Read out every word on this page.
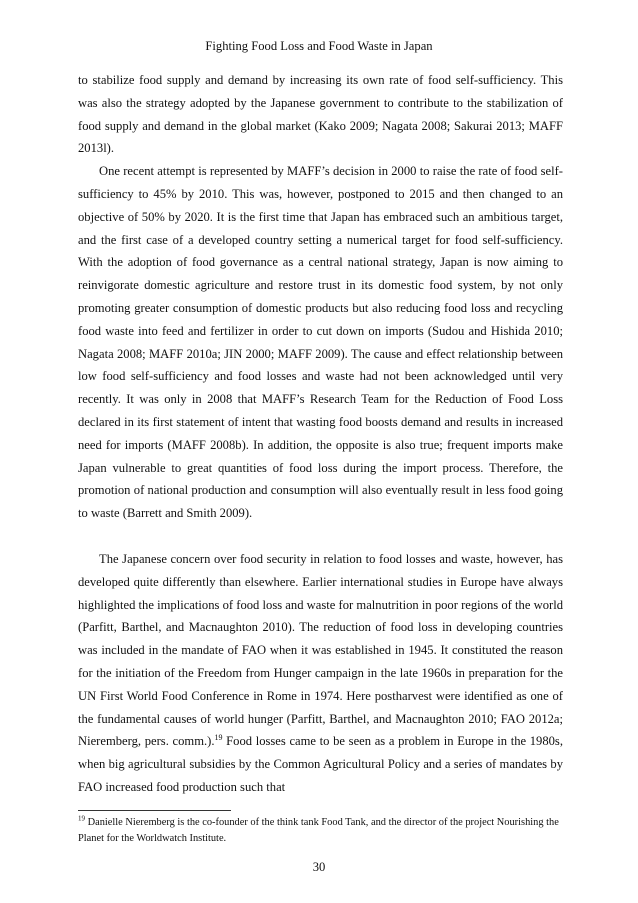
Fighting Food Loss and Food Waste in Japan

to stabilize food supply and demand by increasing its own rate of food self-sufficiency. This was also the strategy adopted by the Japanese government to contribute to the stabilization of food supply and demand in the global market (Kako 2009; Nagata 2008; Sakurai 2013; MAFF 2013l).

One recent attempt is represented by MAFF’s decision in 2000 to raise the rate of food self-sufficiency to 45% by 2010. This was, however, postponed to 2015 and then changed to an objective of 50% by 2020. It is the first time that Japan has embraced such an ambitious target, and the first case of a developed country setting a numerical target for food self-sufficiency. With the adoption of food governance as a central national strategy, Japan is now aiming to reinvigorate domestic agriculture and restore trust in its domestic food system, by not only promoting greater consumption of domestic products but also reducing food loss and recycling food waste into feed and fertilizer in order to cut down on imports (Sudou and Hishida 2010; Nagata 2008; MAFF 2010a; JIN 2000; MAFF 2009). The cause and effect relationship between low food self-sufficiency and food losses and waste had not been acknowledged until very recently. It was only in 2008 that MAFF’s Research Team for the Reduction of Food Loss declared in its first statement of intent that wasting food boosts demand and results in increased need for imports (MAFF 2008b). In addition, the opposite is also true; frequent imports make Japan vulnerable to great quantities of food loss during the import process. Therefore, the promotion of national production and consumption will also eventually result in less food going to waste (Barrett and Smith 2009).

The Japanese concern over food security in relation to food losses and waste, however, has developed quite differently than elsewhere. Earlier international studies in Europe have always highlighted the implications of food loss and waste for malnutrition in poor regions of the world (Parfitt, Barthel, and Macnaughton 2010). The reduction of food loss in developing countries was included in the mandate of FAO when it was established in 1945. It constituted the reason for the initiation of the Freedom from Hunger campaign in the late 1960s in preparation for the UN First World Food Conference in Rome in 1974. Here postharvest were identified as one of the fundamental causes of world hunger (Parfitt, Barthel, and Macnaughton 2010; FAO 2012a; Nieremberg, pers. comm.).$^{19}$ Food losses came to be seen as a problem in Europe in the 1980s, when big agricultural subsidies by the Common Agricultural Policy and a series of mandates by FAO increased food production such that

$^{19}$ Danielle Nieremberg is the co-founder of the think tank Food Tank, and the director of the project Nourishing the Planet for the Worldwatch Institute.
30
